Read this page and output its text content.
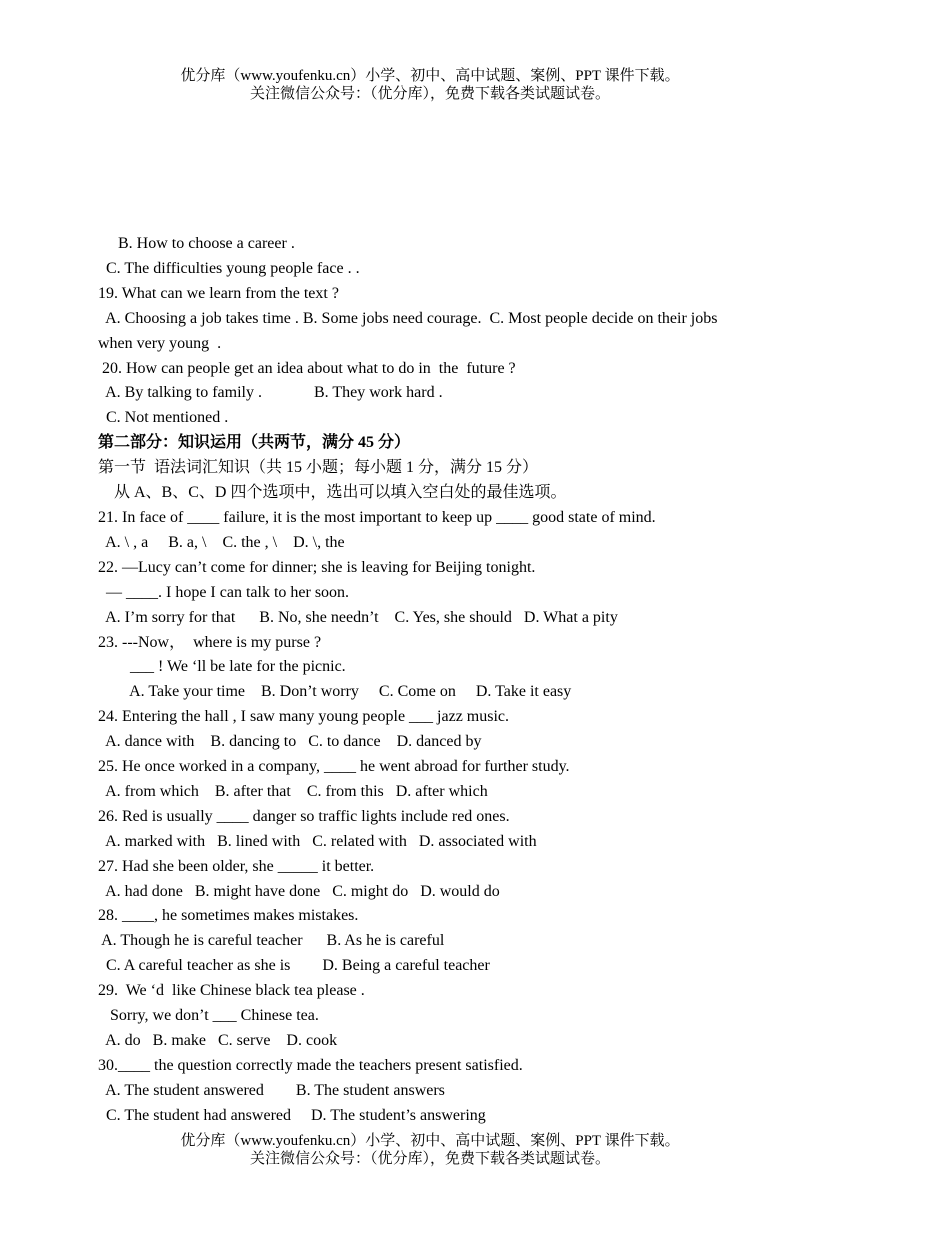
优分库（www.youfenku.cn）小学、初中、高中试题、案例、PPT 课件下载。
关注微信公众号：（优分库），免费下载各类试题试卷。

B. How to choose a career .

C. The difficulties young people face . .

19. What can we learn from the text ?

A. Choosing a job takes time . B. Some jobs need courage.  C. Most people decide on their jobs

when very young  .

20. How can people get an idea about what to do in  the  future ?

A. By talking to family .             B. They work hard .

C. Not mentioned .

第二部分：知识运用（共两节，满分 45 分）

第一节  语法词汇知识（共 15 小题；每小题 1 分，满分 15 分）

从 A、B、C、D 四个选项中，选出可以填入空白处的最佳选项。

21. In face of ____ failure, it is the most important to keep up ____ good state of mind.

A. \ , a     B. a, \    C. the , \    D. \, the

22. —Lucy can’t come for dinner; she is leaving for Beijing tonight.

— ____. I hope I can talk to her soon.

A. I’m sorry for that      B. No, she needn’t    C. Yes, she should   D. What a pity

23. ---Now，  where is my purse ?

___ ! We ‘ll be late for the picnic.

A. Take your time    B. Don’t worry     C. Come on     D. Take it easy

24. Entering the hall , I saw many young people ___ jazz music.

A. dance with    B. dancing to   C. to dance    D. danced by

25. He once worked in a company, ____ he went abroad for further study.

A. from which    B. after that    C. from this   D. after which

26. Red is usually ____ danger so traffic lights include red ones.

A. marked with   B. lined with   C. related with   D. associated with

27. Had she been older, she _____ it better.

A. had done   B. might have done   C. might do   D. would do

28. ____, he sometimes makes mistakes.

A. Though he is careful teacher      B. As he is careful

C. A careful teacher as she is        D. Being a careful teacher

29.  We ‘d  like Chinese black tea please .

Sorry, we don’t ___ Chinese tea.

A. do   B. make   C. serve    D. cook

30.____ the question correctly made the teachers present satisfied.

A. The student answered        B. The student answers

C. The student had answered     D. The student’s answering

优分库（www.youfenku.cn）小学、初中、高中试题、案例、PPT 课件下载。
关注微信公众号：（优分库），免费下载各类试题试卷。
